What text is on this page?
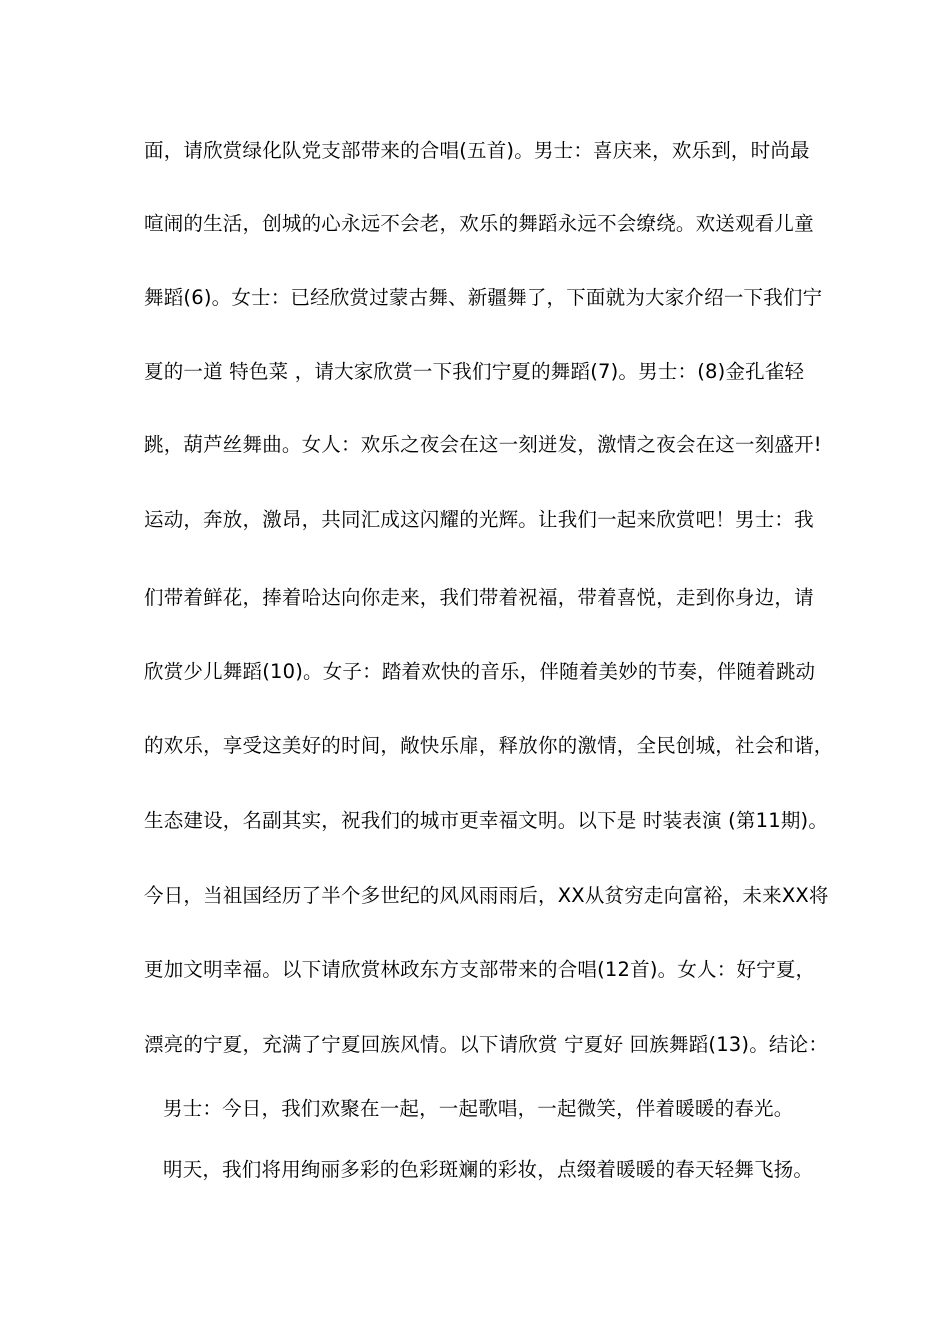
面，请欣赏绿化队党支部带来的合唱(五首)。男士：喜庆来，欢乐到，时尚最
喧闹的生活，创城的心永远不会老，欢乐的舞蹈永远不会缭绕。欢送观看儿童
舞蹈(6)。女士：已经欣赏过蒙古舞、新疆舞了，下面就为大家介绍一下我们宁
夏的一道 特色菜 ，请大家欣赏一下我们宁夏的舞蹈(7)。男士：(8)金孔雀轻
跳，葫芦丝舞曲。女人：欢乐之夜会在这一刻迸发，激情之夜会在这一刻盛开!
运动，奔放，激昂，共同汇成这闪耀的光辉。让我们一起来欣赏吧！男士：我
们带着鲜花，捧着哈达向你走来，我们带着祝福，带着喜悦，走到你身边，请
欣赏少儿舞蹈(10)。女子：踏着欢快的音乐，伴随着美妙的节奏，伴随着跳动
的欢乐，享受这美好的时间，敞快乐扉，释放你的激情，全民创城，社会和谐，
生态建设，名副其实，祝我们的城市更幸福文明。以下是 时装表演 (第11期)。
今日，当祖国经历了半个多世纪的风风雨雨后，XX从贫穷走向富裕，未来XX将
更加文明幸福。以下请欣赏林政东方支部带来的合唱(12首)。女人：好宁夏，
漂亮的宁夏，充满了宁夏回族风情。以下请欣赏 宁夏好 回族舞蹈(13)。结论：
男士：今日，我们欢聚在一起，一起歌唱，一起微笑，伴着暖暖的春光。
明天，我们将用绚丽多彩的色彩斑斓的彩妆，点缀着暖暖的春天轻舞飞扬。
